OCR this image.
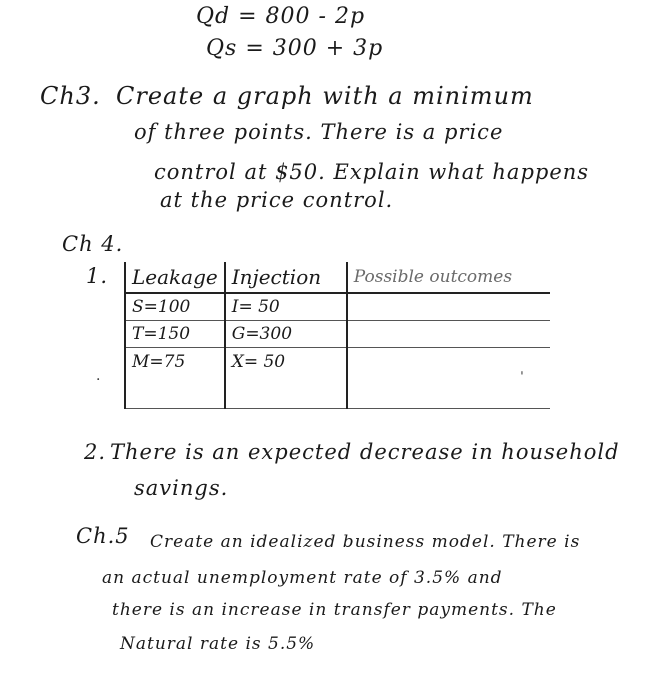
Qd = 800 - 2p
Qs = 300 + 3p
Ch3. Create a graph with a minimum
of three points. There is a price
control at $50. Explain what happens
at the price control.
Ch 4.
1. Leakage	Injection	Possible outcomes
S=100	I= 50	
T=150	G=300	
M=75	X= 50	
·	ˈ
2. There is an expected decrease in household
savings.
Ch.5 Create an idealized business model. There is
an actual unemployment rate of 3.5% and
there is an increase in transfer payments. The
Natural rate is 5.5%
